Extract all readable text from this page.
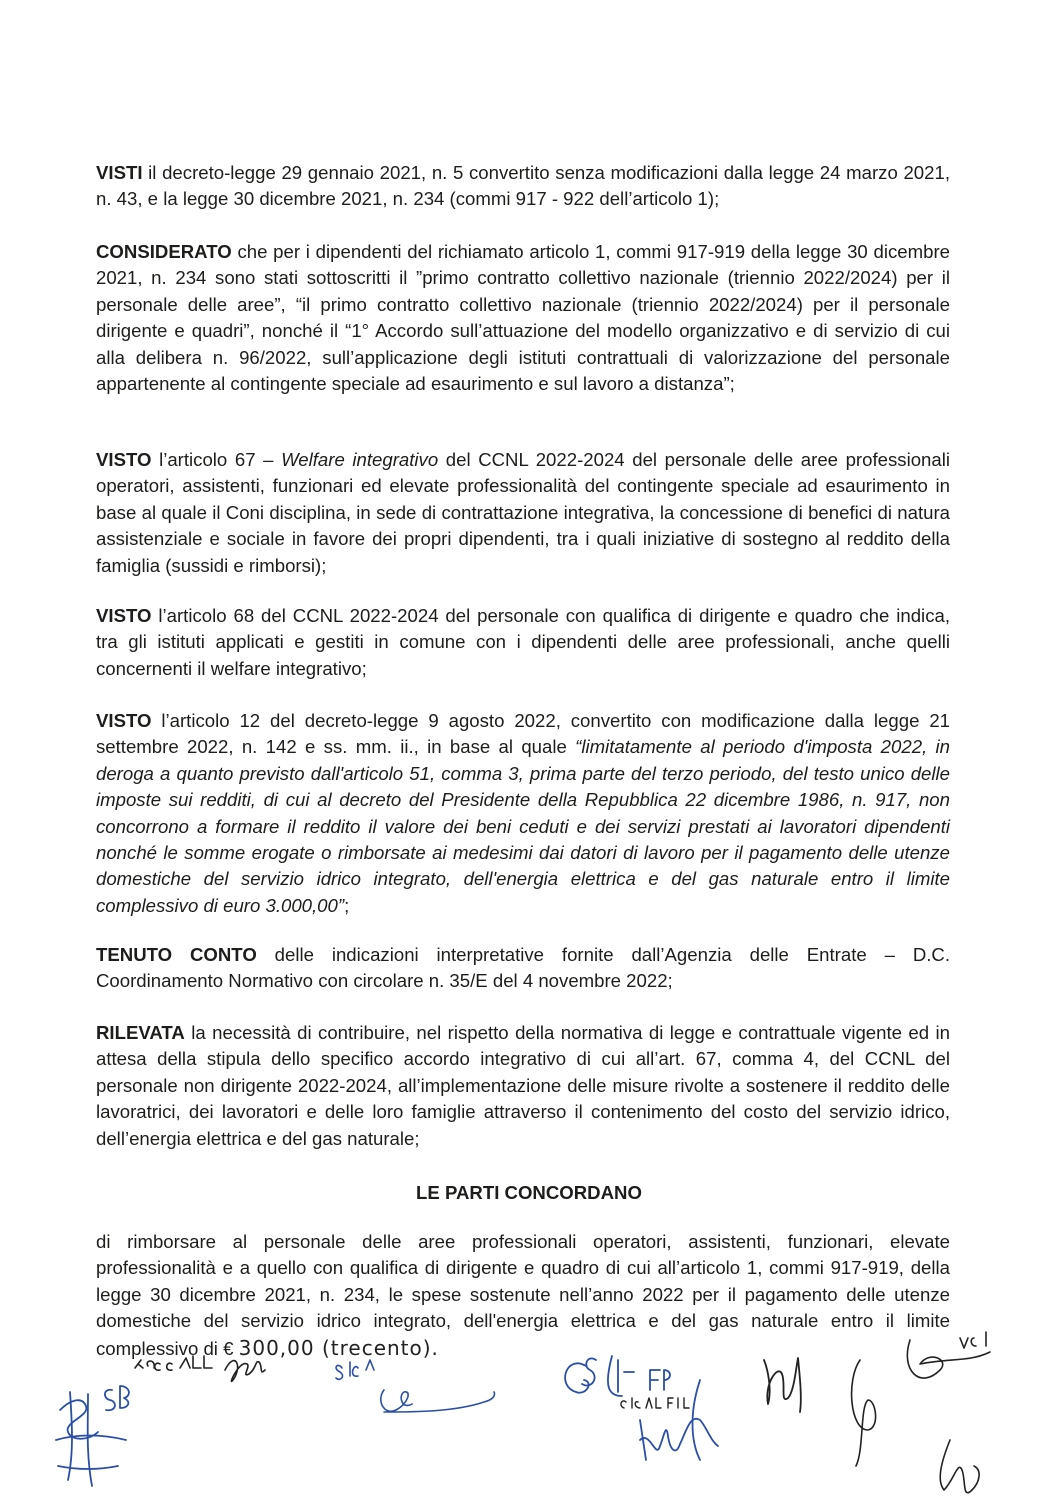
·

VISTI il decreto-legge 29 gennaio 2021, n. 5 convertito senza modificazioni dalla legge 24 marzo 2021, n. 43, e la legge 30 dicembre 2021, n. 234 (commi 917 - 922 dell’articolo 1);

CONSIDERATO che per i dipendenti del richiamato articolo 1, commi 917-919 della legge 30 dicembre 2021, n. 234 sono stati sottoscritti il ”primo contratto collettivo nazionale (triennio 2022/2024) per il personale delle aree”, “il primo contratto collettivo nazionale (triennio 2022/2024) per il personale dirigente e quadri”, nonché il “1° Accordo sull’attuazione del modello organizzativo e di servizio di cui alla delibera n. 96/2022, sull’applicazione degli istituti contrattuali di valorizzazione del personale appartenente al contingente speciale ad esaurimento e sul lavoro a distanza”;

VISTO l’articolo 67 – Welfare integrativo del CCNL 2022-2024 del personale delle aree professionali operatori, assistenti, funzionari ed elevate professionalità del contingente speciale ad esaurimento in base al quale il Coni disciplina, in sede di contrattazione integrativa, la concessione di benefici di natura assistenziale e sociale in favore dei propri dipendenti, tra i quali iniziative di sostegno al reddito della famiglia (sussidi e rimborsi);

VISTO l’articolo 68 del CCNL 2022-2024 del personale con qualifica di dirigente e quadro che indica, tra gli istituti applicati e gestiti in comune con i dipendenti delle aree professionali, anche quelli concernenti il welfare integrativo;

VISTO l’articolo 12 del decreto-legge 9 agosto 2022, convertito con modificazione dalla legge 21 settembre 2022, n. 142 e ss. mm. ii., in base al quale “limitatamente al periodo d'imposta 2022, in deroga a quanto previsto dall'articolo 51, comma 3, prima parte del terzo periodo, del testo unico delle imposte sui redditi, di cui al decreto del Presidente della Repubblica 22 dicembre 1986, n. 917, non concorrono a formare il reddito il valore dei beni ceduti e dei servizi prestati ai lavoratori dipendenti nonché le somme erogate o rimborsate ai medesimi dai datori di lavoro per il pagamento delle utenze domestiche del servizio idrico integrato, dell'energia elettrica e del gas naturale entro il limite complessivo di euro 3.000,00”;

TENUTO CONTO delle indicazioni interpretative fornite dall’Agenzia delle Entrate – D.C. Coordinamento Normativo con circolare n. 35/E del 4 novembre 2022;

RILEVATA la necessità di contribuire, nel rispetto della normativa di legge e contrattuale vigente ed in attesa della stipula dello specifico accordo integrativo di cui all’art. 67, comma 4, del CCNL del personale non dirigente 2022-2024, all’implementazione delle misure rivolte a sostenere il reddito delle lavoratrici, dei lavoratori e delle loro famiglie attraverso il contenimento del costo del servizio idrico, dell’energia elettrica e del gas naturale;

LE PARTI CONCORDANO

di rimborsare al personale delle aree professionali operatori, assistenti, funzionari, elevate professionalità e a quello con qualifica di dirigente e quadro di cui all’articolo 1, commi 917-919, della legge 30 dicembre 2021, n. 234, le spese sostenute nell’anno 2022 per il pagamento delle utenze domestiche del servizio idrico integrato, dell'energia elettrica e del gas naturale entro il limite complessivo di € 300,00 (trecento).
